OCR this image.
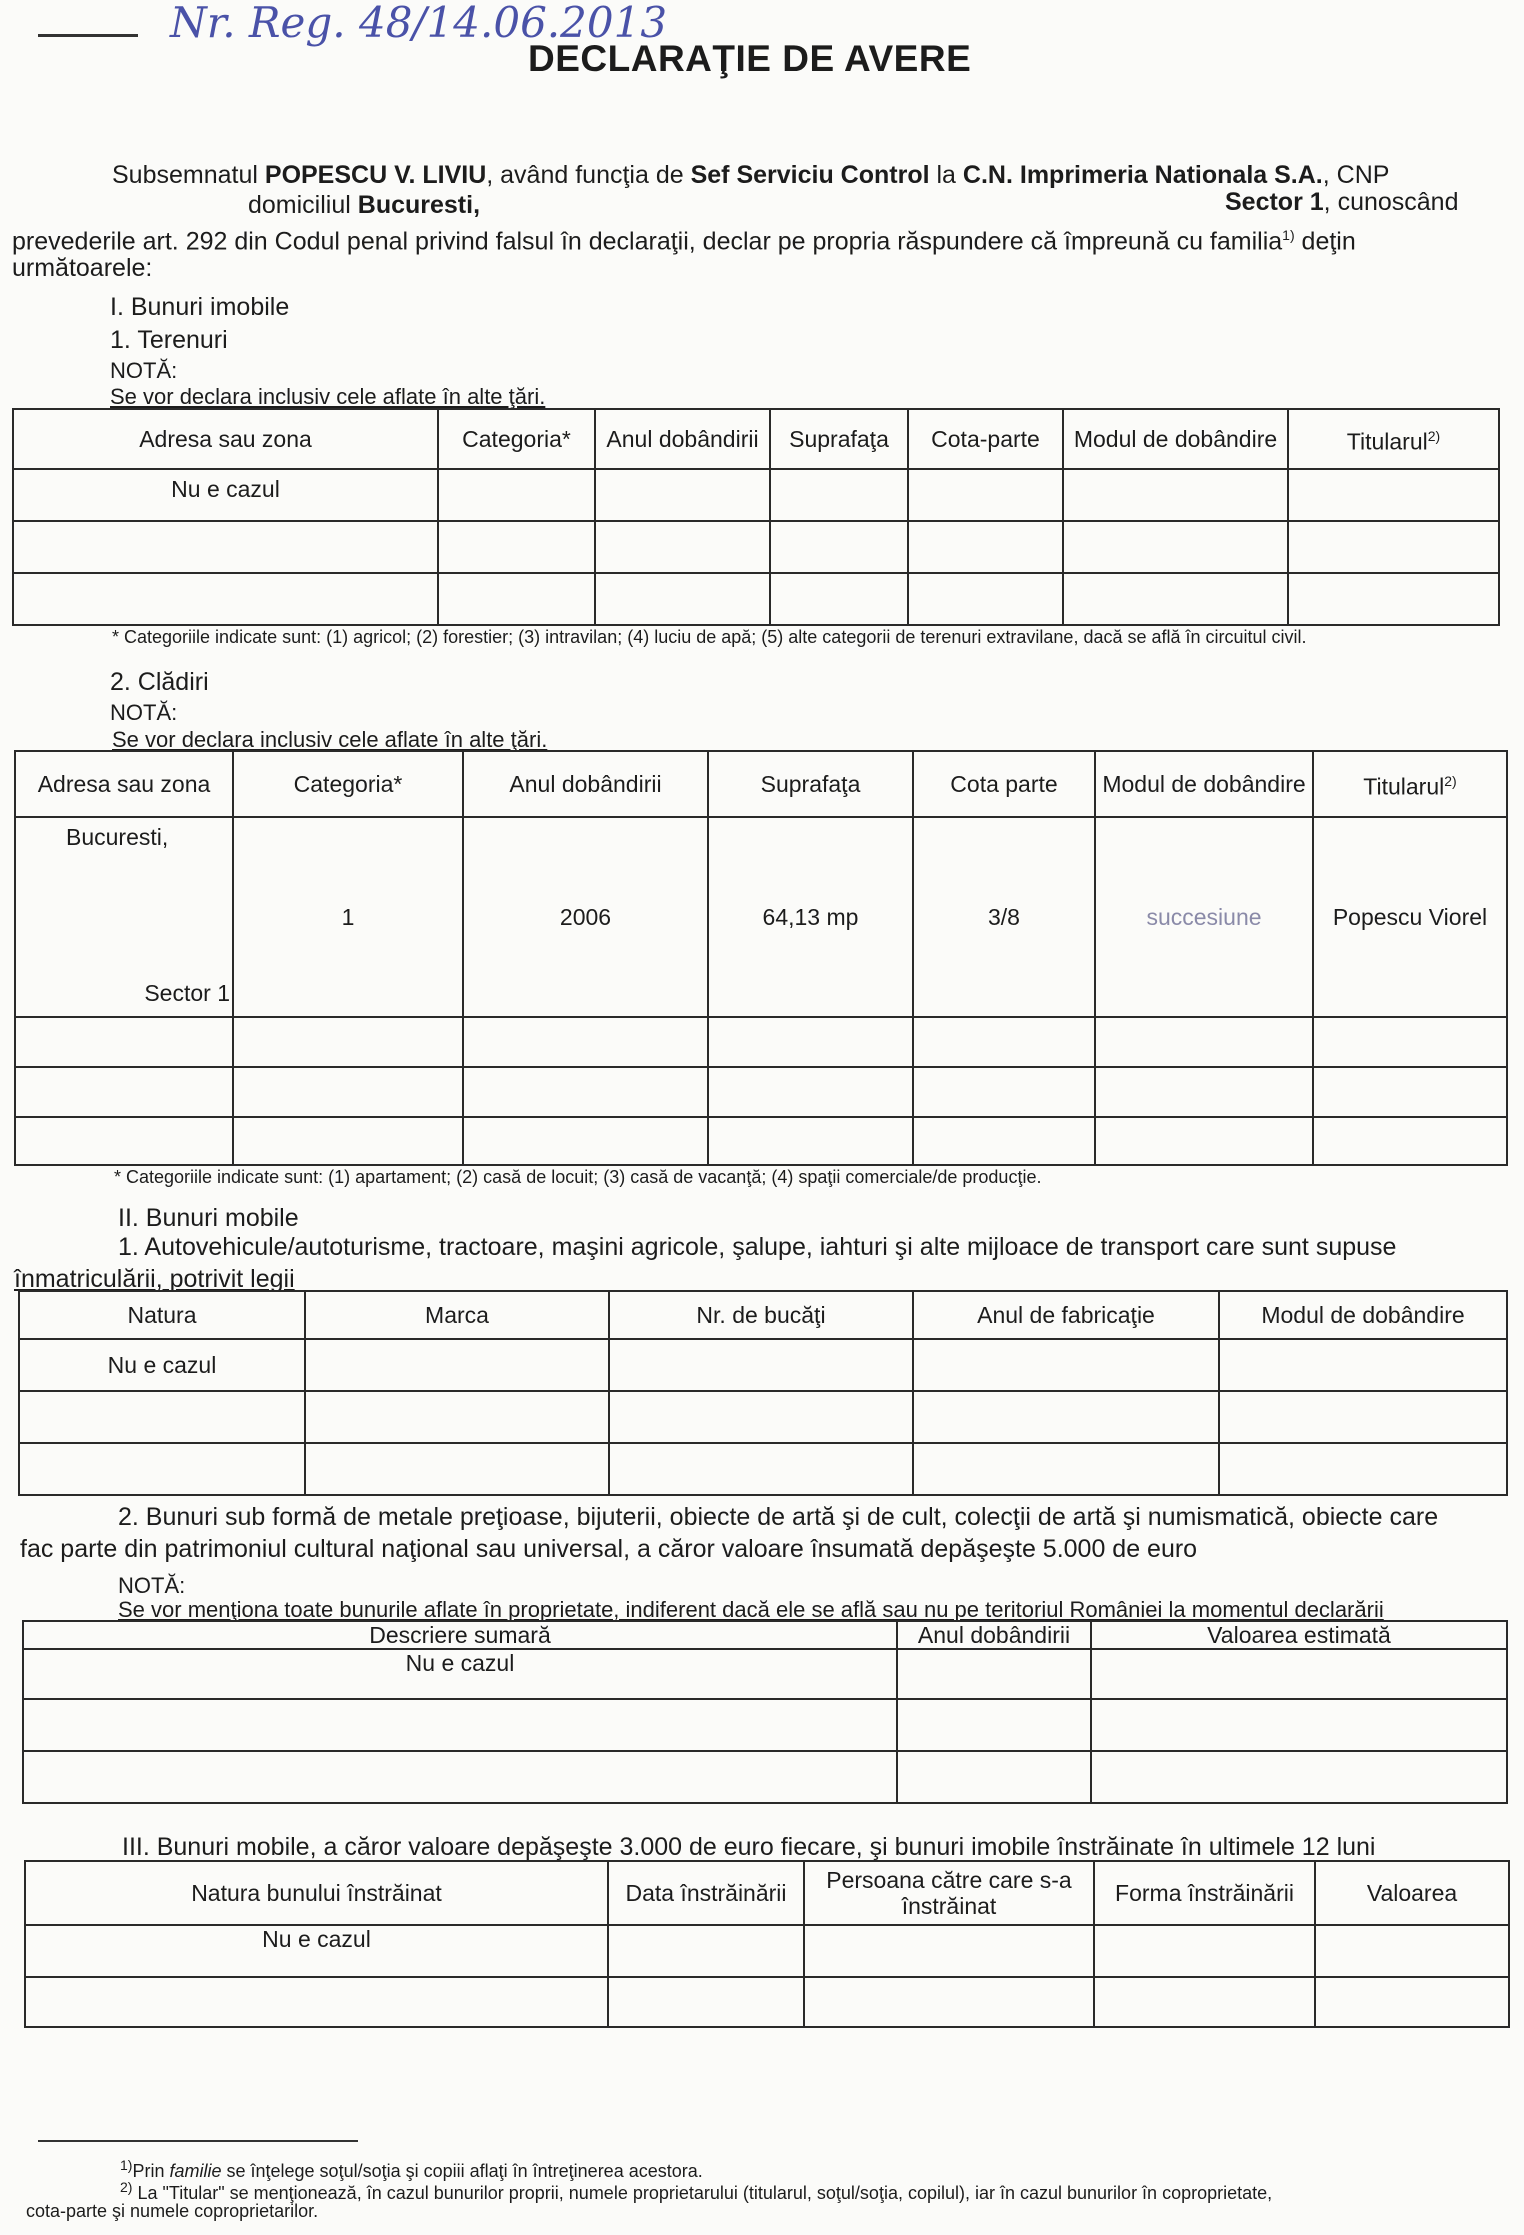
Nr. Reg. 48/14.06.2013
DECLARAŢIE DE AVERE
Subsemnatul POPESCU V. LIVIU, având funcţia de Sef Serviciu Control la C.N. Imprimeria Nationala S.A., CNP
domiciliul Bucuresti,	Sector 1, cunoscând
prevederile art. 292 din Codul penal privind falsul în declaraţii, declar pe propria răspundere că împreună cu familia$^{1)}$ deţin
următoarele:
I. Bunuri imobile
1. Terenuri
NOTĂ:
Se vor declara inclusiv cele aflate în alte ţări.
Adresa sau zona	Categoria*	Anul dobândirii	Suprafaţa	Cota-parte	Modul de dobândire	Titularul$^{2)}$
Nu e cazul						

* Categoriile indicate sunt: (1) agricol; (2) forestier; (3) intravilan; (4) luciu de apă; (5) alte categorii de terenuri extravilane, dacă se află în circuitul civil.
2. Clădiri
NOTĂ:
Se vor declara inclusiv cele aflate în alte ţări.
Adresa sau zona	Categoria*	Anul dobândirii	Suprafaţa	Cota parte	Modul de dobândire	Titularul$^{2)}$

Bucuresti,
Sector 1	1	2006	64,13 mp	3/8	succesiune	Popescu Viorel

* Categoriile indicate sunt: (1) apartament; (2) casă de locuit; (3) casă de vacanţă; (4) spaţii comerciale/de producţie.
II. Bunuri mobile
1. Autovehicule/autoturisme, tractoare, maşini agricole, şalupe, iahturi şi alte mijloace de transport care sunt supuse
înmatriculării, potrivit legii
Natura	Marca	Nr. de bucăţi	Anul de fabricaţie	Modul de dobândire
Nu e cazul				

2. Bunuri sub formă de metale preţioase, bijuterii, obiecte de artă şi de cult, colecţii de artă şi numismatică, obiecte care
fac parte din patrimoniul cultural naţional sau universal, a căror valoare însumată depăşeşte 5.000 de euro
NOTĂ:
Se vor menţiona toate bunurile aflate în proprietate, indiferent dacă ele se află sau nu pe teritoriul României la momentul declarării
Descriere sumară	Anul dobândirii	Valoarea estimată
Nu e cazul		

III. Bunuri mobile, a căror valoare depăşeşte 3.000 de euro fiecare, şi bunuri imobile înstrăinate în ultimele 12 luni
Natura bunului înstrăinat	Data înstrăinării	Persoana către care s-a înstrăinat	Forma înstrăinării	Valoarea
Nu e cazul				

$^{1)}$Prin familie se înţelege soţul/soţia şi copiii aflaţi în întreţinerea acestora.
$^{2)}$ La "Titular" se menţionează, în cazul bunurilor proprii, numele proprietarului (titularul, soţul/soţia, copilul), iar în cazul bunurilor în coproprietate,
cota-parte şi numele coproprietarilor.
